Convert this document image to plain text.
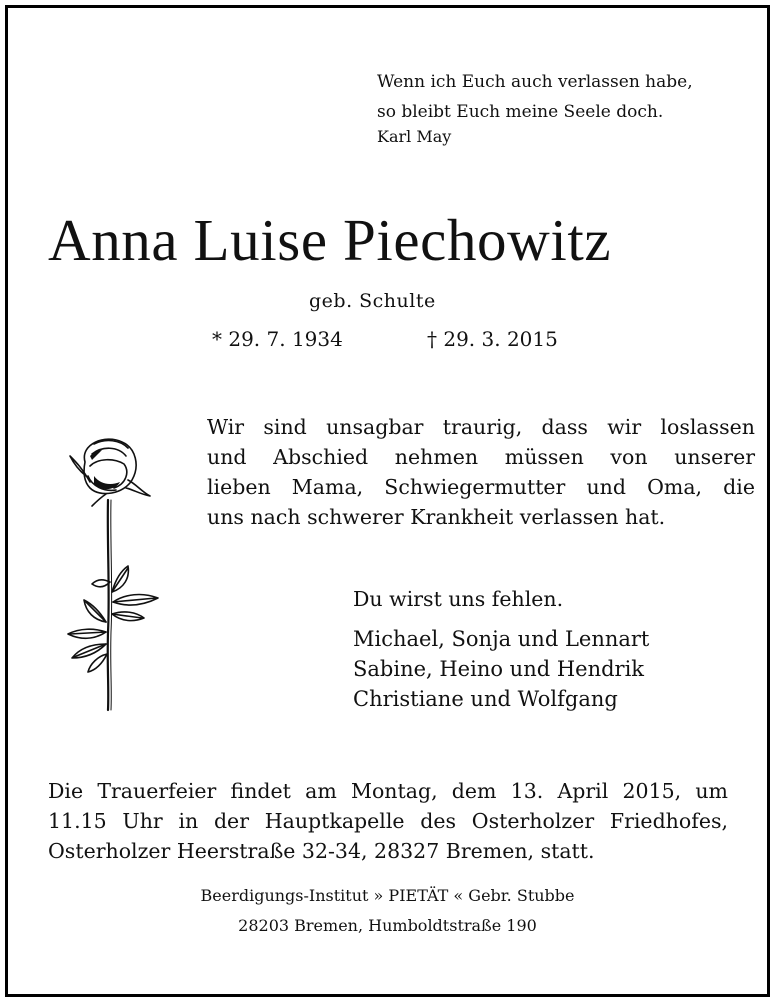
Wenn ich Euch auch verlassen habe,
so bleibt Euch meine Seele doch.
Karl May
Anna Luise Piechowitz
geb. Schulte
* 29. 7. 1934	† 29. 3. 2015
Wir sind unsagbar traurig, dass wir loslassen
und Abschied nehmen müssen von unserer
lieben Mama, Schwiegermutter und Oma, die
uns nach schwerer Krankheit verlassen hat.
Du wirst uns fehlen.
Michael, Sonja und Lennart
Sabine, Heino und Hendrik
Christiane und Wolfgang
Die Trauerfeier findet am Montag, dem 13. April 2015, um
11.15 Uhr in der Hauptkapelle des Osterholzer Friedhofes,
Osterholzer Heerstraße 32-34, 28327 Bremen, statt.
Beerdigungs-Institut » PIETÄT « Gebr. Stubbe
28203 Bremen, Humboldtstraße 190
